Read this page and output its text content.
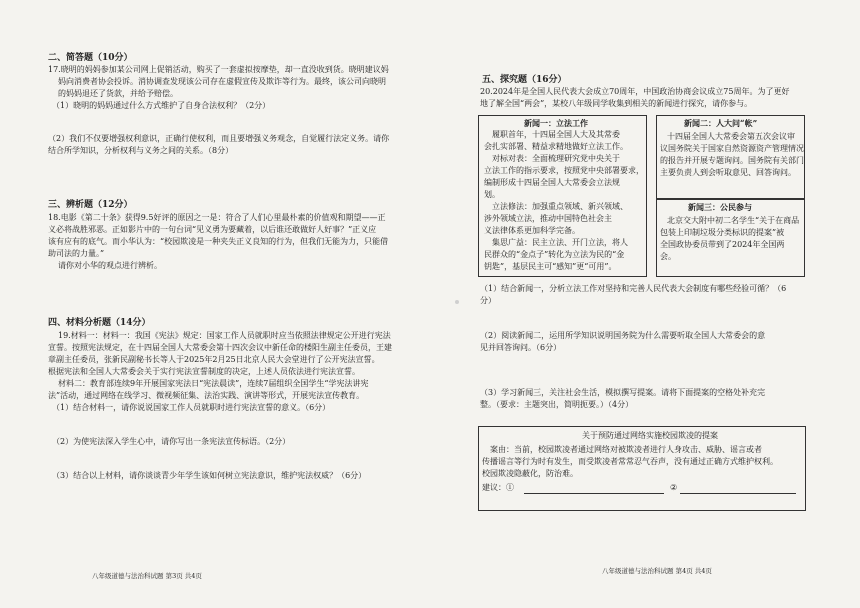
二、简答题（10分）
17.晓明的妈妈参加某公司网上促销活动，购买了一套虚拟按摩垫，却一直没收到货。晓明建议妈
妈向消费者协会投诉。消协调查发现该公司存在虚假宣传及欺诈等行为。最终，该公司向晓明
的妈妈退还了货款，并给予赔偿。
（1）晓明的妈妈通过什么方式维护了自身合法权利？（2分）
（2）我们不仅要增强权利意识，正确行使权利，而且要增强义务观念，自觉履行法定义务。请你
结合所学知识，分析权利与义务之间的关系。（8分）
三、辨析题（12分）
18.电影《第二十条》获得9.5好评的原因之一是：符合了人们心里最朴素的价值观和期望——正
义必将战胜邪恶。正如影片中的一句台词“见义勇为要藏着，以后谁还敢做好人好事？”正义应
该有应有的底气。而小华认为：“校园欺凌是一种夹失正义良知的行为，但我们无能为力，只能借
助司法的力量。”
请你对小华的观点进行辨析。
四、材料分析题（14分）
19.材料一：材料一：我国《宪法》规定：国家工作人员就职时应当依照法律规定公开进行宪法
宣誓。按照宪法规定，在十四届全国人大常委会第十四次会议中新任命的楼阳生副主任委员，王建
章副主任委员，张新民副秘书长等人于2025年2月25日北京人民大会堂进行了公开宪法宣誓。
根据宪法和全国人大常委会关于实行宪法宣誓制度的决定，上述人员依法进行宪法宣誓。
材料二：教育部连续9年开展国家宪法日“宪法晨读”，连续7届组织全国学生“学宪法讲宪
法”活动，通过网络在线学习、微视频征集、法治实践、演讲等形式，开展宪法宣传教育。
（1）结合材料一，请你说说国家工作人员就职时进行宪法宣誓的意义。（6分）
（2）为使宪法深入学生心中，请你写出一条宪法宣传标语。（2分）
（3）结合以上材料，请你谈谈青少年学生该如何树立宪法意识，维护宪法权威？（6分）
八年级道德与法治科试题 第3页 共4页
五、探究题（16分）
20.2024年是全国人民代表大会成立70周年，中国政治协商会议成立75周年。为了更好
地了解全国“两会”，某校八年级同学收集到相关的新闻进行探究，请你参与。
新闻一：立法工作
履职首年，十四届全国人大及其常委
会扎实部署、精益求精地做好立法工作。
对标对表：全面梳理研究党中央关于
立法工作的指示要求，按照党中央部署要求，
编制形成十四届全国人大常委会立法规
划。
立法修法：加强重点领域、新兴领域、
涉外领域立法，推动中国特色社会主
义法律体系更加科学完备。
集思广益：民主立法、开门立法，将人
民群众的“金点子”转化为立法为民的“金
钥匙”，基层民主可“感知”更“可用”。
新闻二：人大问“帐”
十四届全国人大常委会第五次会议审
议国务院关于国家自然资源资产管理情况
的报告并开展专题询问。国务院有关部门
主要负责人到会听取意见、回答询问。
新闻三：公民参与
北京交大附中初二名学生“关于在商品
包装上印制垃圾分类标识的提案”被
全国政协委员带到了2024年全国两
会。
（1）结合新闻一，分析立法工作对坚持和完善人民代表大会制度有哪些经验可循？（6
分）
（2）阅读新闻二，运用所学知识说明国务院为什么需要听取全国人大常委会的意
见并回答询问。（6分）
（3）学习新闻三，关注社会生活，模拟撰写提案。请将下面提案的空格处补充完
整。（要求：主题突出，简明扼要。）（4分）
关于预防通过网络实施校园欺凌的提案
案由：当前，校园欺凌者通过网络对被欺凌者进行人身攻击、威胁、谣言或者
传播谣言等行为时有发生，而受欺凌者常常忍气吞声，没有通过正确方式维护权利。
校园欺凌隐蔽化，防治难。
建议：①	②
八年级道德与法治科试题 第4页 共4页
